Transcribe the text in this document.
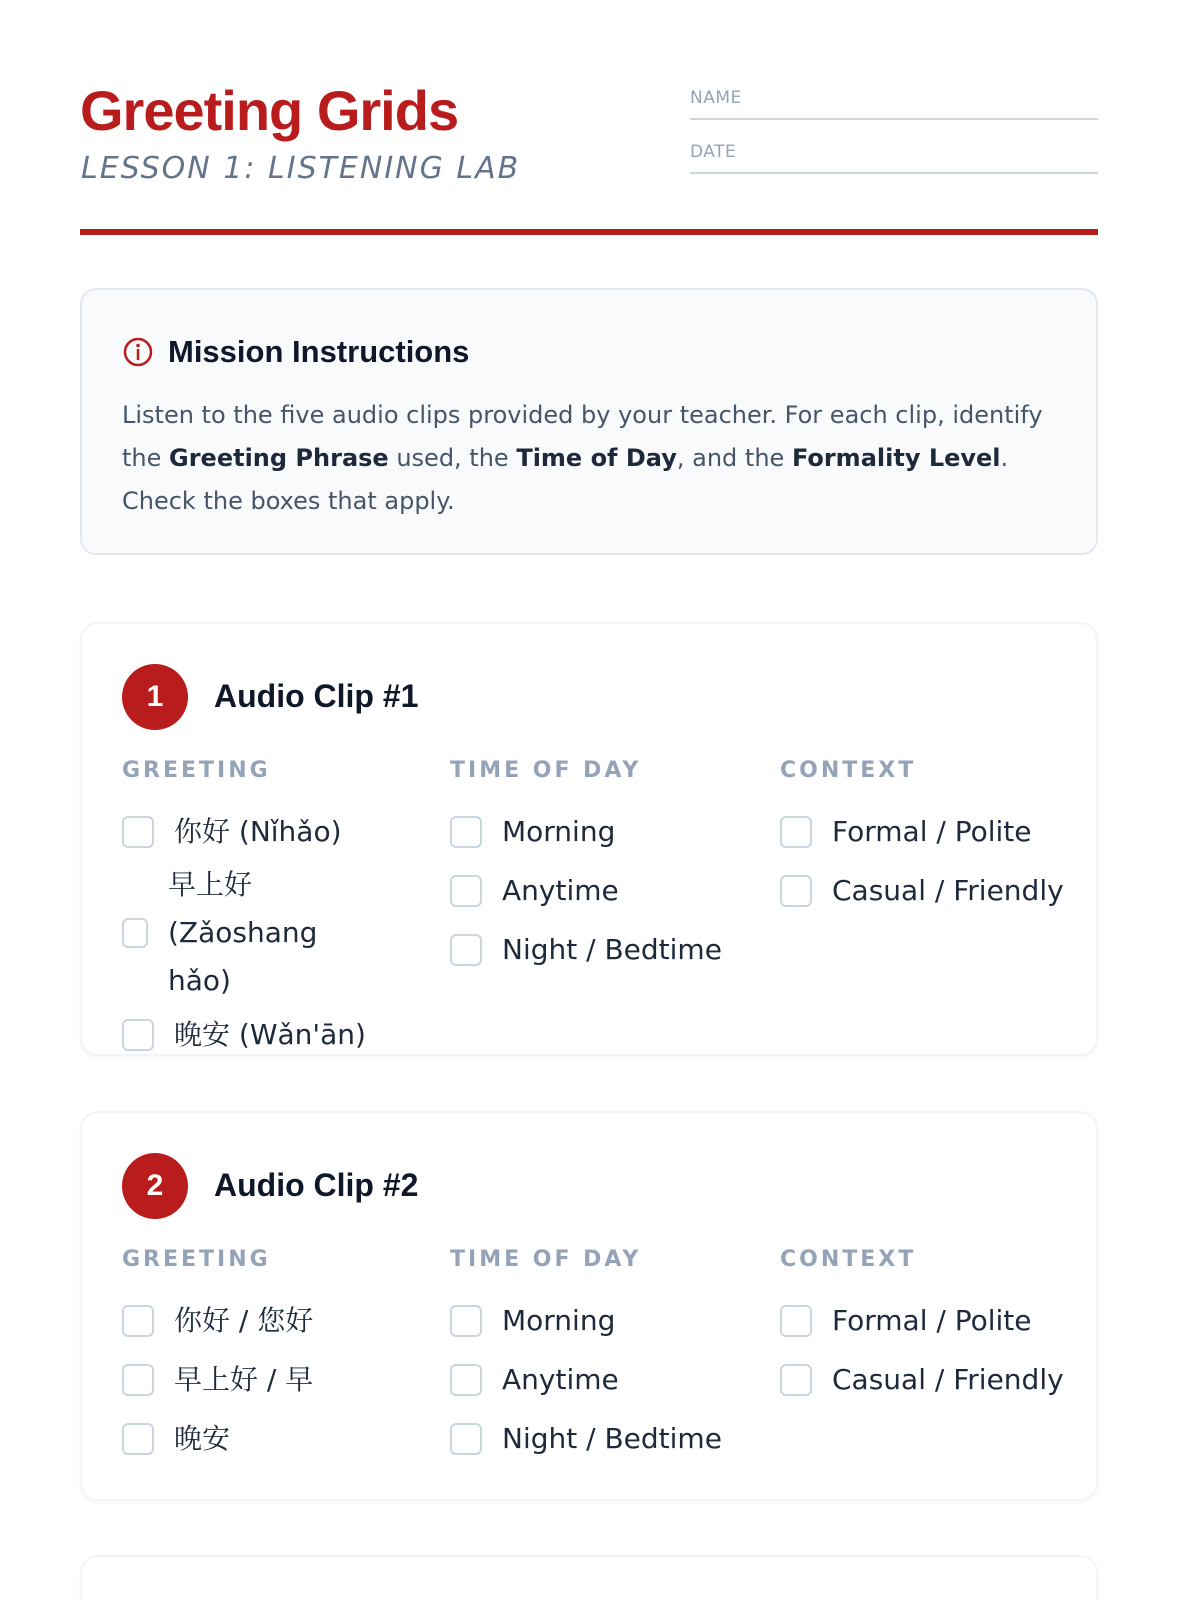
Greeting Grids
LESSON 1: LISTENING LAB
NAME
DATE
Mission Instructions

Listen to the five audio clips provided by your teacher. For each clip, identify the Greeting Phrase used, the Time of Day, and the Formality Level. Check the boxes that apply.

1	Audio Clip #1
GREETING
你好 (Nǐhǎo)
早上好 (Zǎoshang hǎo)
晚安 (Wǎn'ān)
TIME OF DAY
Morning
Anytime
Night / Bedtime
CONTEXT
Formal / Polite
Casual / Friendly
2	Audio Clip #2
GREETING
你好 / 您好
早上好 / 早
晚安
TIME OF DAY
Morning
Anytime
Night / Bedtime
CONTEXT
Formal / Polite
Casual / Friendly
